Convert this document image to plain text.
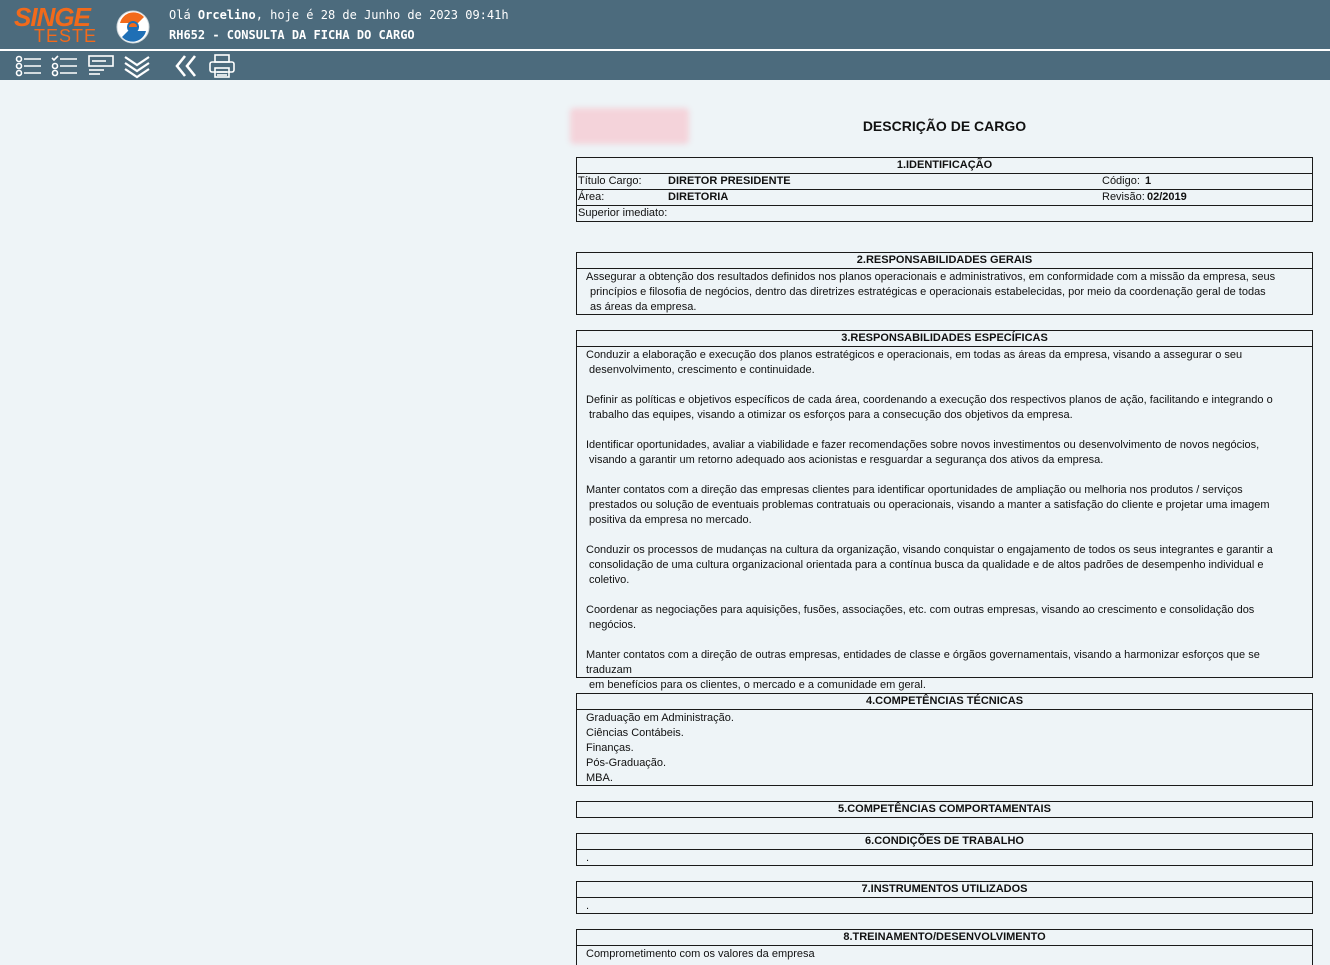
SINGE
TESTE
Olá Orcelino, hoje é 28 de Junho de 2023 09:41h
RH652 - CONSULTA DA FICHA DO CARGO
DESCRIÇÃO DE CARGO
1.IDENTIFICAÇÃO
Título Cargo: DIRETOR PRESIDENTE	Código: 1
Área:	DIRETORIA	Revisão: 02/2019
Superior imediato:
2.RESPONSABILIDADES GERAIS
Assegurar a obtenção dos resultados definidos nos planos operacionais e administrativos, em conformidade com a missão da empresa, seus
princípios e filosofia de negócios, dentro das diretrizes estratégicas e operacionais estabelecidas, por meio da coordenação geral de todas
as áreas da empresa.
3.RESPONSABILIDADES ESPECÍFICAS
Conduzir a elaboração e execução dos planos estratégicos e operacionais, em todas as áreas da empresa, visando a assegurar o seu
desenvolvimento, crescimento e continuidade.
Definir as políticas e objetivos específicos de cada área, coordenando a execução dos respectivos planos de ação, facilitando e integrando o
trabalho das equipes, visando a otimizar os esforços para a consecução dos objetivos da empresa.
Identificar oportunidades, avaliar a viabilidade e fazer recomendações sobre novos investimentos ou desenvolvimento de novos negócios,
visando a garantir um retorno adequado aos acionistas e resguardar a segurança dos ativos da empresa.
Manter contatos com a direção das empresas clientes para identificar oportunidades de ampliação ou melhoria nos produtos / serviços
prestados ou solução de eventuais problemas contratuais ou operacionais, visando a manter a satisfação do cliente e projetar uma imagem
positiva da empresa no mercado.
Conduzir os processos de mudanças na cultura da organização, visando conquistar o engajamento de todos os seus integrantes e garantir a
consolidação de uma cultura organizacional orientada para a contínua busca da qualidade e de altos padrões de desempenho individual e
coletivo.
Coordenar as negociações para aquisições, fusões, associações, etc. com outras empresas, visando ao crescimento e consolidação dos
negócios.
Manter contatos com a direção de outras empresas, entidades de classe e órgãos governamentais, visando a harmonizar esforços que se traduzam
em benefícios para os clientes, o mercado e a comunidade em geral.
4.COMPETÊNCIAS TÉCNICAS
Graduação em Administração.
Ciências Contábeis.
Finanças.
Pós-Graduação.
MBA.
5.COMPETÊNCIAS COMPORTAMENTAIS
6.CONDIÇÕES DE TRABALHO
.
7.INSTRUMENTOS UTILIZADOS
.
8.TREINAMENTO/DESENVOLVIMENTO
Comprometimento com os valores da empresa
